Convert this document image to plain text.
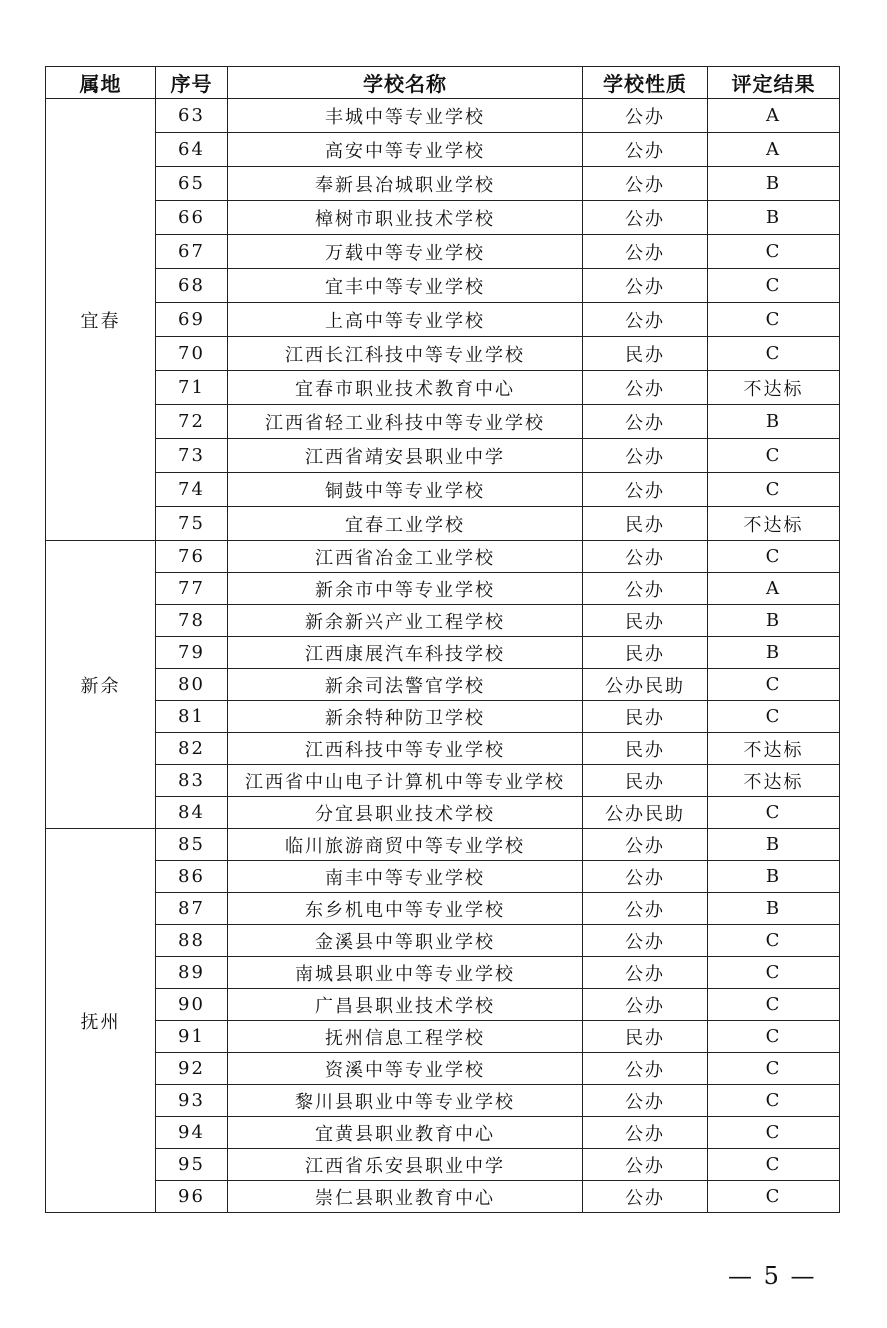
属地	序号	学校名称	学校性质	评定结果
宜春	63	丰城中等专业学校	公办	A
	64	高安中等专业学校	公办	A
	65	奉新县冶城职业学校	公办	B
	66	樟树市职业技术学校	公办	B
	67	万载中等专业学校	公办	C
	68	宜丰中等专业学校	公办	C
	69	上高中等专业学校	公办	C
	70	江西长江科技中等专业学校	民办	C
	71	宜春市职业技术教育中心	公办	不达标
	72	江西省轻工业科技中等专业学校	公办	B
	73	江西省靖安县职业中学	公办	C
	74	铜鼓中等专业学校	公办	C
	75	宜春工业学校	民办	不达标
新余	76	江西省冶金工业学校	公办	C
	77	新余市中等专业学校	公办	A
	78	新余新兴产业工程学校	民办	B
	79	江西康展汽车科技学校	民办	B
	80	新余司法警官学校	公办民助	C
	81	新余特种防卫学校	民办	C
	82	江西科技中等专业学校	民办	不达标
	83	江西省中山电子计算机中等专业学校	民办	不达标
	84	分宜县职业技术学校	公办民助	C
抚州	85	临川旅游商贸中等专业学校	公办	B
	86	南丰中等专业学校	公办	B
	87	东乡机电中等专业学校	公办	B
	88	金溪县中等职业学校	公办	C
	89	南城县职业中等专业学校	公办	C
	90	广昌县职业技术学校	公办	C
	91	抚州信息工程学校	民办	C
	92	资溪中等专业学校	公办	C
	93	黎川县职业中等专业学校	公办	C
	94	宜黄县职业教育中心	公办	C
	95	江西省乐安县职业中学	公办	C
	96	崇仁县职业教育中心	公办	C
— 5 —
